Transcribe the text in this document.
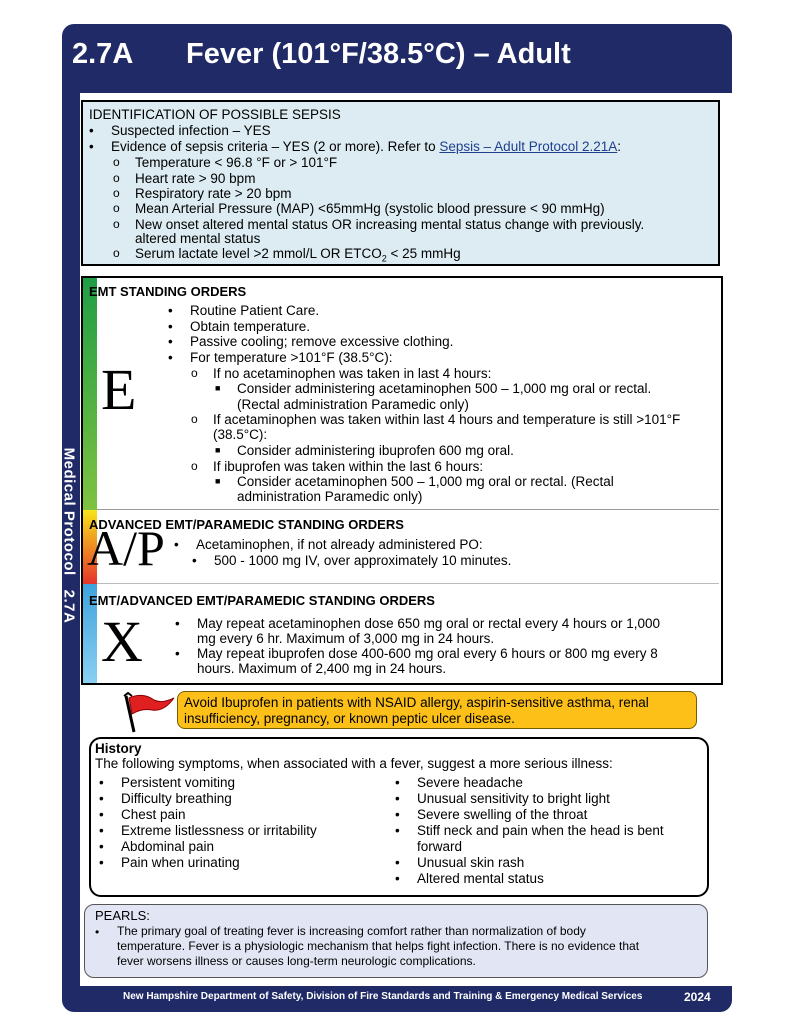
2.7A Fever (101°F/38.5°C) – Adult
Medical Protocol   2.7A
IDENTIFICATION OF POSSIBLE SEPSIS
• Suspected infection – YES
• Evidence of sepsis criteria – YES (2 or more). Refer to Sepsis – Adult Protocol 2.21A:
o Temperature < 96.8 °F or > 101°F
o Heart rate > 90 bpm
o Respiratory rate > 20 bpm
o Mean Arterial Pressure (MAP) <65mmHg (systolic blood pressure < 90 mmHg)
o New onset altered mental status OR increasing mental status change with previously.
altered mental status
o Serum lactate level >2 mmol/L OR $ETCO_2 < 25$ mmHg
EMT STANDING ORDERS
E
• Routine Patient Care.
• Obtain temperature.
• Passive cooling; remove excessive clothing.
• For temperature >101°F (38.5°C):
o If no acetaminophen was taken in last 4 hours:
■ Consider administering acetaminophen 500 – 1,000 mg oral or rectal.
(Rectal administration Paramedic only)
o If acetaminophen was taken within last 4 hours and temperature is still >101°F
(38.5°C):
■ Consider administering ibuprofen 600 mg oral.
o If ibuprofen was taken within the last 6 hours:
■ Consider acetaminophen 500 – 1,000 mg oral or rectal. (Rectal
administration Paramedic only)
ADVANCED EMT/PARAMEDIC STANDING ORDERS
A/P • Acetaminophen, if not already administered PO:
• 500 - 1000 mg IV, over approximately 10 minutes.
EMT/ADVANCED EMT/PARAMEDIC STANDING ORDERS
X • May repeat acetaminophen dose 650 mg oral or rectal every 4 hours or 1,000
mg every 6 hr. Maximum of 3,000 mg in 24 hours.
• May repeat ibuprofen dose 400-600 mg oral every 6 hours or 800 mg every 8
hours. Maximum of 2,400 mg in 24 hours.
Avoid Ibuprofen in patients with NSAID allergy, aspirin-sensitive asthma, renal insufficiency, pregnancy, or known peptic ulcer disease.
History
The following symptoms, when associated with a fever, suggest a more serious illness:
• Persistent vomiting
• Difficulty breathing
• Chest pain
• Extreme listlessness or irritability
• Abdominal pain
• Pain when urinating
• Severe headache
• Unusual sensitivity to bright light
• Severe swelling of the throat
• Stiff neck and pain when the head is bent
forward
• Unusual skin rash
• Altered mental status
PEARLS:
• The primary goal of treating fever is increasing comfort rather than normalization of body
temperature. Fever is a physiologic mechanism that helps fight infection. There is no evidence that
fever worsens illness or causes long-term neurologic complications.
New Hampshire Department of Safety, Division of Fire Standards and Training & Emergency Medical Services	2024
